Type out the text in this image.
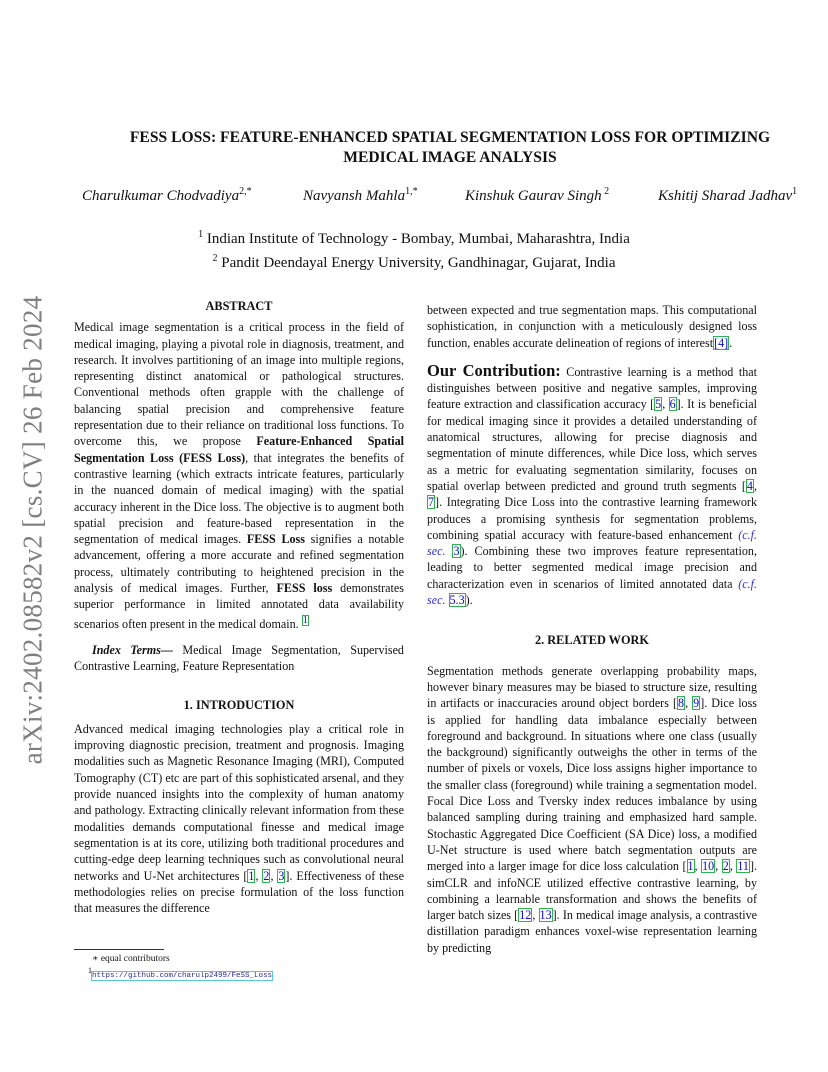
arXiv:2402.08582v2 [cs.CV] 26 Feb 2024
FESS LOSS: FEATURE-ENHANCED SPATIAL SEGMENTATION LOSS FOR OPTIMIZING
MEDICAL IMAGE ANALYSIS
Charulkumar Chodvadiya$^{2,*}$	Navyansh Mahla$^{1,*}$	Kinshuk Gaurav Singh $^2$	Kshitij Sharad Jadhav$^1$
$^1$ Indian Institute of Technology - Bombay, Mumbai, Maharashtra, India
$^2$ Pandit Deendayal Energy University, Gandhinagar, Gujarat, India

ABSTRACT

Medical image segmentation is a critical process in the field of medical imaging, playing a pivotal role in diagnosis, treatment, and research. It involves partitioning of an image into multiple regions, representing distinct anatomical or pathological structures. Conventional methods often grapple with the challenge of balancing spatial precision and comprehensive feature representation due to their reliance on traditional loss functions. To overcome this, we propose Feature-Enhanced Spatial Segmentation Loss (FESS Loss), that integrates the benefits of contrastive learning (which extracts intricate features, particularly in the nuanced domain of medical imaging) with the spatial accuracy inherent in the Dice loss. The objective is to augment both spatial precision and feature-based representation in the segmentation of medical images. FESS Loss signifies a notable advancement, offering a more accurate and refined segmentation process, ultimately contributing to heightened precision in the analysis of medical images. Further, FESS loss demonstrates superior performance in limited annotated data availability scenarios often present in the medical domain. $^1$

Index Terms— Medical Image Segmentation, Supervised Contrastive Learning, Feature Representation

1. INTRODUCTION

Advanced medical imaging technologies play a critical role in improving diagnostic precision, treatment and prognosis. Imaging modalities such as Magnetic Resonance Imaging (MRI), Computed Tomography (CT) etc are part of this sophisticated arsenal, and they provide nuanced insights into the complexity of human anatomy and pathology. Extracting clinically relevant information from these modalities demands computational finesse and medical image segmentation is at its core, utilizing both traditional procedures and cutting-edge deep learning techniques such as convolutional neural networks and U-Net architectures [1, 2, 3]. Effectiveness of these methodologies relies on precise formulation of the loss function that measures the difference

∗ equal contributors
$^1$https://github.com/charulp2499/FeSS_Loss

between expected and true segmentation maps. This computational sophistication, in conjunction with a meticulously designed loss function, enables accurate delineation of regions of interest[4].

Our Contribution: Contrastive learning is a method that distinguishes between positive and negative samples, improving feature extraction and classification accuracy [5, 6]. It is beneficial for medical imaging since it provides a detailed understanding of anatomical structures, allowing for precise diagnosis and segmentation of minute differences, while Dice loss, which serves as a metric for evaluating segmentation similarity, focuses on spatial overlap between predicted and ground truth segments [4, 7]. Integrating Dice Loss into the contrastive learning framework produces a promising synthesis for segmentation problems, combining spatial accuracy with feature-based enhancement (c.f. sec. 3). Combining these two improves feature representation, leading to better segmented medical image precision and characterization even in scenarios of limited annotated data (c.f. sec. 5.3).

2. RELATED WORK

Segmentation methods generate overlapping probability maps, however binary measures may be biased to structure size, resulting in artifacts or inaccuracies around object borders [8, 9]. Dice loss is applied for handling data imbalance especially between foreground and background. In situations where one class (usually the background) significantly outweighs the other in terms of the number of pixels or voxels, Dice loss assigns higher importance to the smaller class (foreground) while training a segmentation model. Focal Dice Loss and Tversky index reduces imbalance by using balanced sampling during training and emphasized hard sample. Stochastic Aggregated Dice Coefficient (SA Dice) loss, a modified U-Net structure is used where batch segmentation outputs are merged into a larger image for dice loss calculation [1, 10, 2, 11]. simCLR and infoNCE utilized effective contrastive learning, by combining a learnable transformation and shows the benefits of larger batch sizes [12, 13]. In medical image analysis, a contrastive distillation paradigm enhances voxel-wise representation learning by predicting
